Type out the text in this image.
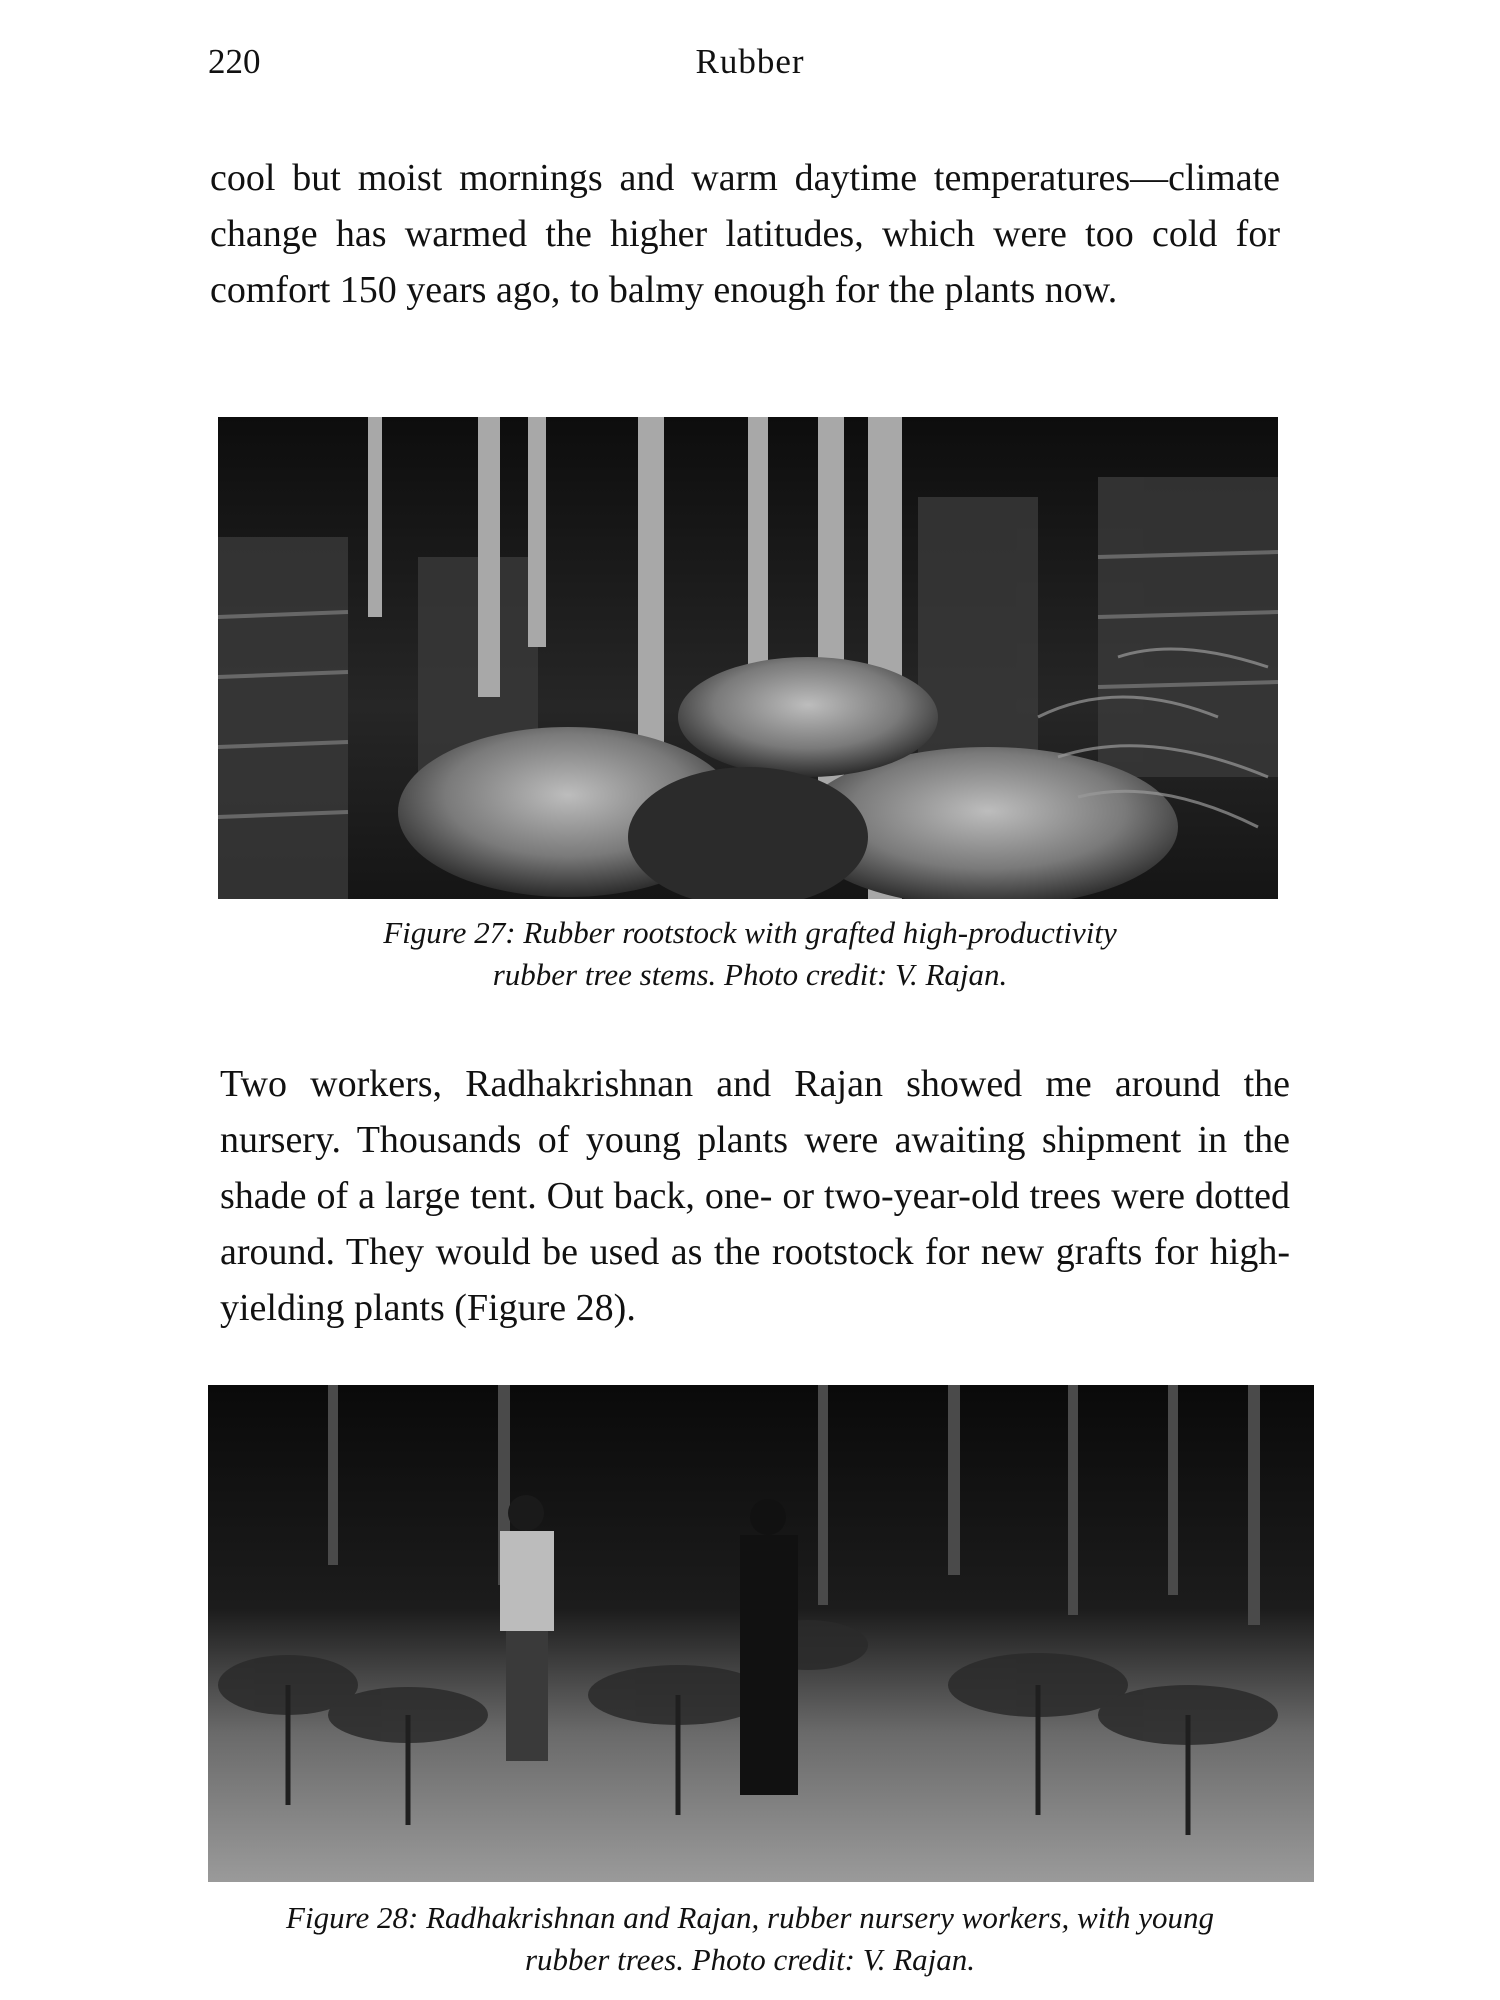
220	Rubber

cool but moist mornings and warm daytime temperatures—climate change has warmed the higher latitudes, which were too cold for comfort 150 years ago, to balmy enough for the plants now.

Figure 27: Rubber rootstock with grafted high-productivity
rubber tree stems. Photo credit: V. Rajan.

Two workers, Radhakrishnan and Rajan showed me around the nursery. Thousands of young plants were awaiting shipment in the shade of a large tent. Out back, one- or two-year-old trees were dotted around. They would be used as the rootstock for new grafts for high-yielding plants (Figure 28).

Figure 28: Radhakrishnan and Rajan, rubber nursery workers, with young
rubber trees. Photo credit: V. Rajan.
